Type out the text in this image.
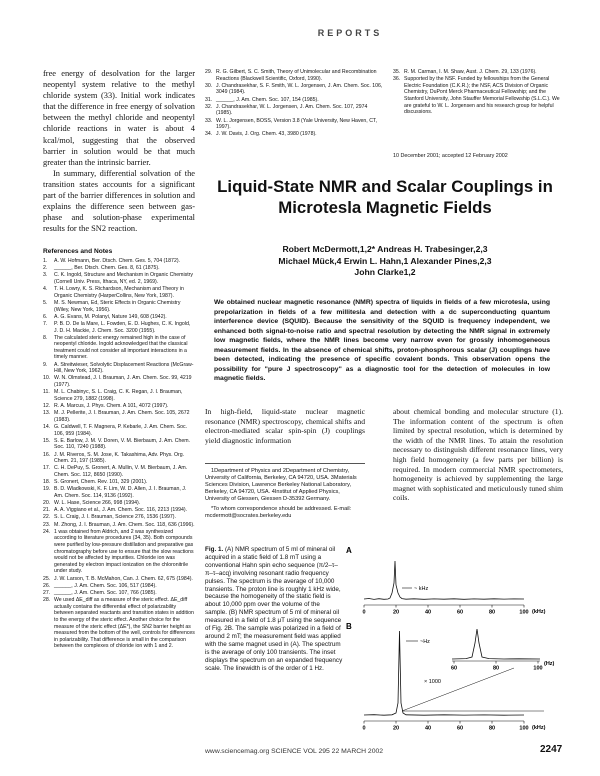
REPORTS

free energy of desolvation for the larger neopentyl system relative to the methyl chloride system (33). Initial work indicates that the difference in free energy of solvation between the methyl chloride and neopentyl chloride reactions in water is about 4 kcal/mol, suggesting that the observed barrier in solution would be that much greater than the intrinsic barrier.

In summary, differential solvation of the transition states accounts for a significant part of the barrier differences in solution and explains the difference seen between gas-phase and solution-phase experimental results for the SN2 reaction.

References and Notes
1.	A. W. Hofmann, Ber. Dtsch. Chem. Ges. 5, 704 (1872).
2.	______, Ber. Dtsch. Chem. Ges. 8, 61 (1875).
3.	C. K. Ingold, Structure and Mechanism in Organic Chemistry (Cornell Univ. Press, Ithaca, NY, ed. 2, 1969).
4.	T. H. Lowry, K. S. Richardson, Mechanism and Theory in Organic Chemistry (HarperCollins, New York, 1987).
5.	M. S. Newman, Ed, Steric Effects in Organic Chemistry (Wiley, New York, 1956).
6.	A. G. Evans, M. Polanyi, Nature 149, 608 (1942).
7.	P. B. D. De la Mare, L. Fowden, E. D. Hughes, C. K. Ingold, J. D. H. Mackie, J. Chem. Soc. 3200 (1955).
8.	The calculated steric energy remained high in the case of neopentyl chloride. Ingold acknowledged that the classical treatment could not consider all important interactions in a timely manner.
9.	A. Streitwieser, Solvolytic Displacement Reactions (McGraw-Hill, New York, 1962).
10. W. N. Olmstead, J. I. Brauman, J. Am. Chem. Soc. 99, 4219 (1977).
11. M. L. Chabinyc, S. L. Craig, C. K. Regan, J. I. Brauman, Science 279, 1882 (1998).
12. R. A. Marcus, J. Phys. Chem. A 101, 4072 (1997).
13. M. J. Pellerite, J. I. Brauman, J. Am. Chem. Soc. 105, 2672 (1983).
14. G. Caldwell, T. F. Magnera, P. Kebarle, J. Am. Chem. Soc. 106, 959 (1984).
15. S. E. Barlow, J. M. V. Doren, V. M. Bierbaum, J. Am. Chem. Soc. 110, 7240 (1988).
16. J. M. Riveros, S. M. Jose, K. Takashima, Adv. Phys. Org. Chem. 21, 197 (1985).
17. C. H. DePuy, S. Gronert, A. Mullin, V. M. Bierbaum, J. Am. Chem. Soc. 112, 8650 (1990).
18. S. Gronert, Chem. Rev. 101, 329 (2001).
19. B. D. Wladkowski, K. F. Lim, W. D. Allen, J. I. Brauman, J. Am. Chem. Soc. 114, 9136 (1992).
20. W. L. Hase, Science 266, 998 (1994).
21. A. A. Viggiano et al., J. Am. Chem. Soc. 116, 2213 (1994).
22. S. L. Craig, J. I. Brauman, Science 276, 1536 (1997).
23. M. Zhong, J. I. Brauman, J. Am. Chem. Soc. 118, 636 (1996).
24. 1 was obtained from Aldrich, and 2 was synthesized according to literature procedures (34, 35). Both compounds were purified by low-pressure distillation and preparative gas chromatography before use to ensure that the slow reactions would not be affected by impurities. Chloride ion was generated by electron impact ionization on the chloronitrile under study.
25. J. W. Larson, T. B. McMahon, Can. J. Chem. 62, 675 (1984).
26. ______, J. Am. Chem. Soc. 106, 517 (1984).
27. ______, J. Am. Chem. Soc. 107, 766 (1985).
28. We used ΔE_diff as a measure of the steric effect. ΔE_diff actually contains the differential effect of polarizability between separated reactants and transition states in addition to the energy of the steric effect. Another choice for the measure of the steric effect (ΔE*), the SN2 barrier height as measured from the bottom of the well, controls for differences in polarizability. That difference is small in the comparison between the complexes of chloride ion with 1 and 2.
29. R. G. Gilbert, S. C. Smith, Theory of Unimolecular and Recombination Reactions (Blackwell Scientific, Oxford, 1990).
30. J. Chandrasekhar, S. F. Smith, W. L. Jorgensen, J. Am. Chem. Soc. 106, 3049 (1984).
31. ______, J. Am. Chem. Soc. 107, 154 (1985).
32. J. Chandrasekhar, W. L. Jorgensen, J. Am. Chem. Soc. 107, 2974 (1985).
33. W. L. Jorgensen, BOSS, Version 3.8 (Yale University, New Haven, CT, 1997).
34. J. W. Davis, J. Org. Chem. 43, 3980 (1978).
35. R. M. Carman, I. M. Shaw, Aust. J. Chem. 29, 133 (1976).
36. Supported by the NSF. Funded by fellowships from the General Electric Foundation (C.K.R.); the NSF, ACS Division of Organic Chemistry, DuPont Merck Pharmaceutical Fellowship; and the Stanford University, John Stauffer Memorial Fellowship (S.L.C.). We are grateful to W. L. Jorgensen and his research group for helpful discussions.
10 December 2001; accepted 12 February 2002
Liquid-State NMR and Scalar Couplings in Microtesla Magnetic Fields
Robert McDermott,1,2* Andreas H. Trabesinger,2,3
Michael Mück,4 Erwin L. Hahn,1 Alexander Pines,2,3
John Clarke1,2
We obtained nuclear magnetic resonance (NMR) spectra of liquids in fields of a few microtesla, using prepolarization in fields of a few millitesla and detection with a dc superconducting quantum interference device (SQUID). Because the sensitivity of the SQUID is frequency independent, we enhanced both signal-to-noise ratio and spectral resolution by detecting the NMR signal in extremely low magnetic fields, where the NMR lines become very narrow even for grossly inhomogeneous measurement fields. In the absence of chemical shifts, proton-phosphorous scalar (J) couplings have been detected, indicating the presence of specific covalent bonds. This observation opens the possibility for "pure J spectroscopy" as a diagnostic tool for the detection of molecules in low magnetic fields.
In high-field, liquid-state nuclear magnetic resonance (NMR) spectroscopy, chemical shifts and electron-mediated scalar spin-spin (J) couplings yield diagnostic information
about chemical bonding and molecular structure (1). The information content of the spectrum is often limited by spectral resolution, which is determined by the width of the NMR lines. To attain the resolution necessary to distinguish different resonance lines, very high field homogeneity (a few parts per billion) is required. In modern commercial NMR spectrometers, homogeneity is achieved by supplementing the large magnet with sophisticated and meticulously tuned shim coils.

1Department of Physics and 2Department of Chemistry, University of California, Berkeley, CA 94720, USA. 3Materials Sciences Division, Lawrence Berkeley National Laboratory, Berkeley, CA 94720, USA. 4Institut of Applied Physics, University of Giessen, Giessen D-35392 Germany.

*To whom correspondence should be addressed. E-mail: mcdermott@socrates.berkeley.edu

Fig. 1. (A) NMR spectrum of 5 ml of mineral oil acquired in a static field of 1.8 mT using a conventional Hahn spin echo sequence (π/2–τ–π–τ–acq) involving resonant radio frequency pulses. The spectrum is the average of 10,000 transients. The proton line is roughly 1 kHz wide, because the homogeneity of the static field is about 10,000 ppm over the volume of the sample. (B) NMR spectrum of 5 ml of mineral oil measured in a field of 1.8 μT using the sequence of Fig. 2B. The sample was polarized in a field of around 2 mT; the measurement field was applied with the same magnet used in (A). The spectrum is the average of only 100 transients. The inset displays the spectrum on an expanded frequency scale. The linewidth is of the order of 1 Hz.
A
~ kHz
0	20	40	60	80	100 (kHz)
B
~Hz
× 1000
60	80	100
(Hz)
0	20	40	60	80	100 (kHz)
www.sciencemag.org SCIENCE VOL 295 22 MARCH 2002	2247
